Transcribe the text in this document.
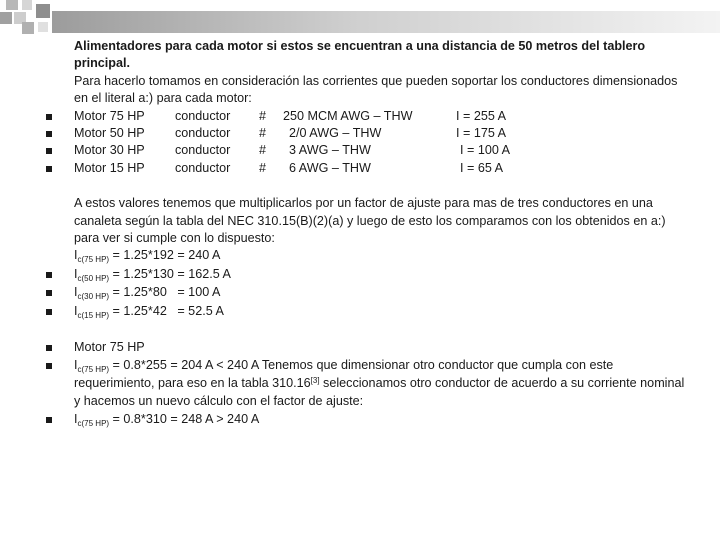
Alimentadores para cada motor si estos se encuentran a una distancia de 50 metros del tablero principal.
Para hacerlo tomamos en consideración las corrientes que pueden soportar los conductores dimensionados en el literal a:) para cada motor:
Motor 75 HP conductor # 250 MCM AWG – THW	I = 255 A
Motor 50 HP conductor # 2/0 AWG – THW	I = 175 A
Motor 30 HP conductor # 3 AWG – THW	I = 100 A
Motor 15 HP conductor # 6 AWG – THW	I = 65 A
A estos valores tenemos que multiplicarlos por un factor de ajuste para mas de tres conductores en una canaleta según la tabla del NEC 310.15(B)(2)(a) y luego de esto los comparamos con los obtenidos en a:) para ver si cumple con lo dispuesto:
$I_{c(75 HP)} = 1.25*192 = 240$ A
$I_{c(50 HP)} = 1.25*130 = 162.5$ A
$I_{c(30 HP)} = 1.25*80 = 100$ A
$I_{c(15 HP)} = 1.25*42 = 52.5$ A
Motor 75 HP
$I_{c(75 HP)} = 0.8*255 = 204$ A < 240 A Tenemos que dimensionar otro conductor que cumpla con este requerimiento, para eso en la tabla 310.16[3] seleccionamos otro conductor de acuerdo a su corriente nominal y hacemos un nuevo cálculo con el factor de ajuste:
$I_{c(75 HP)} = 0.8*310 = 248$ A > 240 A
